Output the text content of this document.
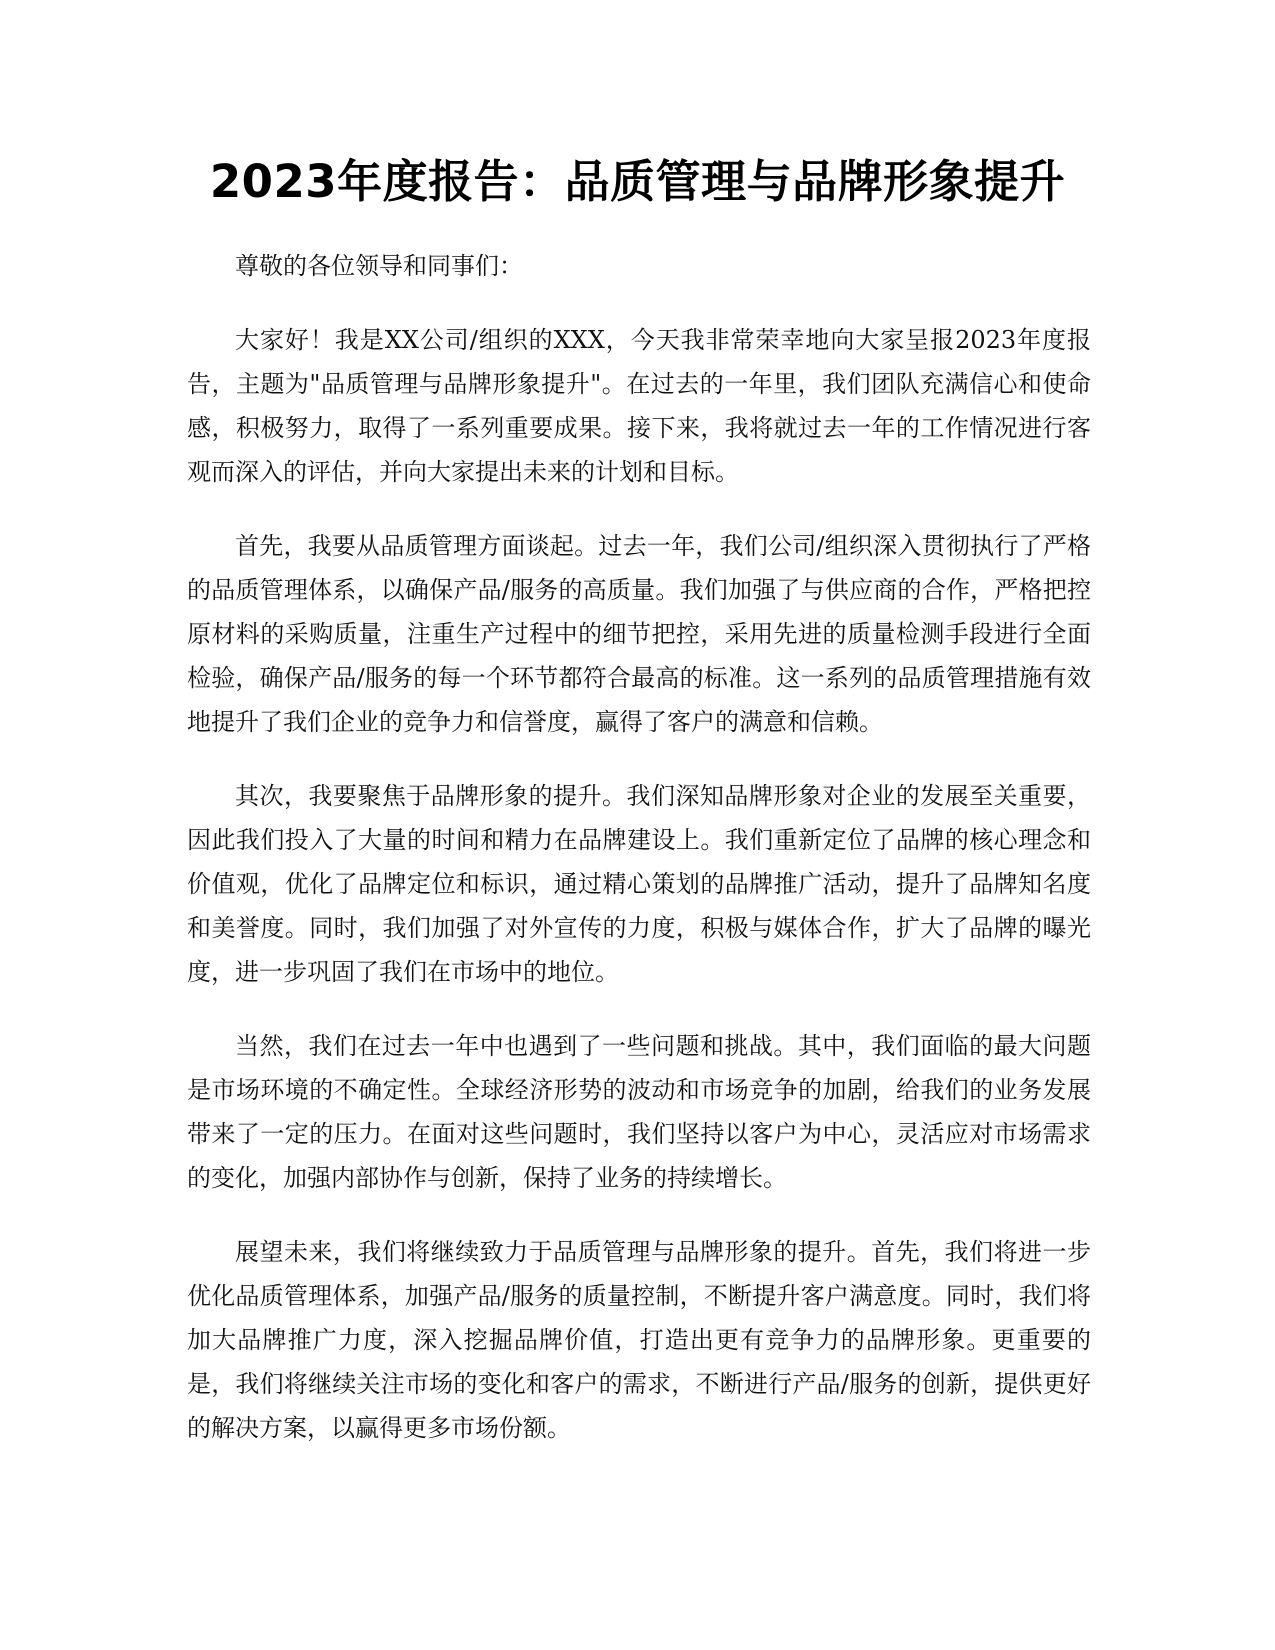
2023年度报告：品质管理与品牌形象提升

尊敬的各位领导和同事们：

大家好！我是XX公司/组织的XXX，今天我非常荣幸地向大家呈报2023年度报告，主题为"品质管理与品牌形象提升"。在过去的一年里，我们团队充满信心和使命感，积极努力，取得了一系列重要成果。接下来，我将就过去一年的工作情况进行客观而深入的评估，并向大家提出未来的计划和目标。

首先，我要从品质管理方面谈起。过去一年，我们公司/组织深入贯彻执行了严格的品质管理体系，以确保产品/服务的高质量。我们加强了与供应商的合作，严格把控原材料的采购质量，注重生产过程中的细节把控，采用先进的质量检测手段进行全面检验，确保产品/服务的每一个环节都符合最高的标准。这一系列的品质管理措施有效地提升了我们企业的竞争力和信誉度，赢得了客户的满意和信赖。

其次，我要聚焦于品牌形象的提升。我们深知品牌形象对企业的发展至关重要，因此我们投入了大量的时间和精力在品牌建设上。我们重新定位了品牌的核心理念和价值观，优化了品牌定位和标识，通过精心策划的品牌推广活动，提升了品牌知名度和美誉度。同时，我们加强了对外宣传的力度，积极与媒体合作，扩大了品牌的曝光度，进一步巩固了我们在市场中的地位。

当然，我们在过去一年中也遇到了一些问题和挑战。其中，我们面临的最大问题是市场环境的不确定性。全球经济形势的波动和市场竞争的加剧，给我们的业务发展带来了一定的压力。在面对这些问题时，我们坚持以客户为中心，灵活应对市场需求的变化，加强内部协作与创新，保持了业务的持续增长。

展望未来，我们将继续致力于品质管理与品牌形象的提升。首先，我们将进一步优化品质管理体系，加强产品/服务的质量控制，不断提升客户满意度。同时，我们将加大品牌推广力度，深入挖掘品牌价值，打造出更有竞争力的品牌形象。更重要的是，我们将继续关注市场的变化和客户的需求，不断进行产品/服务的创新，提供更好的解决方案，以赢得更多市场份额。
